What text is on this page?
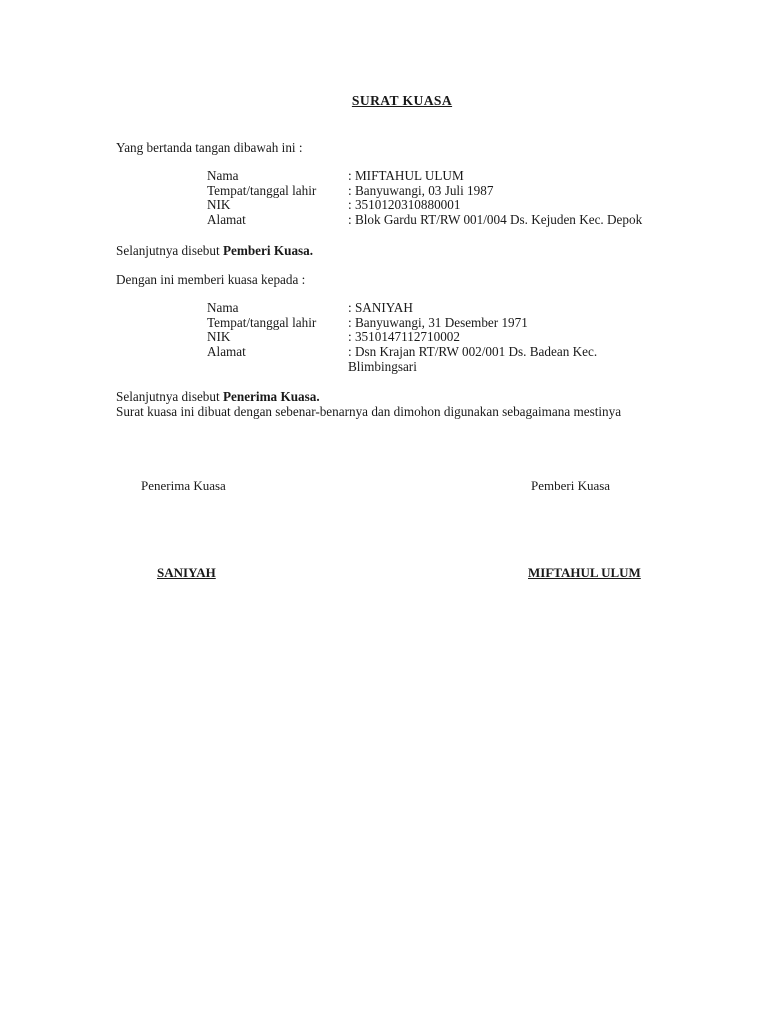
SURAT KUASA
Yang bertanda tangan dibawah ini :
Nama	: MIFTAHUL ULUM
Tempat/tanggal lahir : Banyuwangi, 03 Juli 1987
NIK	: 3510120310880001
Alamat	: Blok Gardu RT/RW 001/004 Ds. Kejuden Kec. Depok
Selanjutnya disebut Pemberi Kuasa.
Dengan ini memberi kuasa kepada :
Nama	: SANIYAH
Tempat/tanggal lahir : Banyuwangi, 31 Desember 1971
NIK	: 3510147112710002
Alamat	: Dsn Krajan RT/RW 002/001 Ds. Badean Kec. Blimbingsari
Selanjutnya disebut Penerima Kuasa.
Surat kuasa ini dibuat dengan sebenar-benarnya dan dimohon digunakan sebagaimana mestinya
Penerima Kuasa	Pemberi Kuasa
SANIYAH	MIFTAHUL ULUM
